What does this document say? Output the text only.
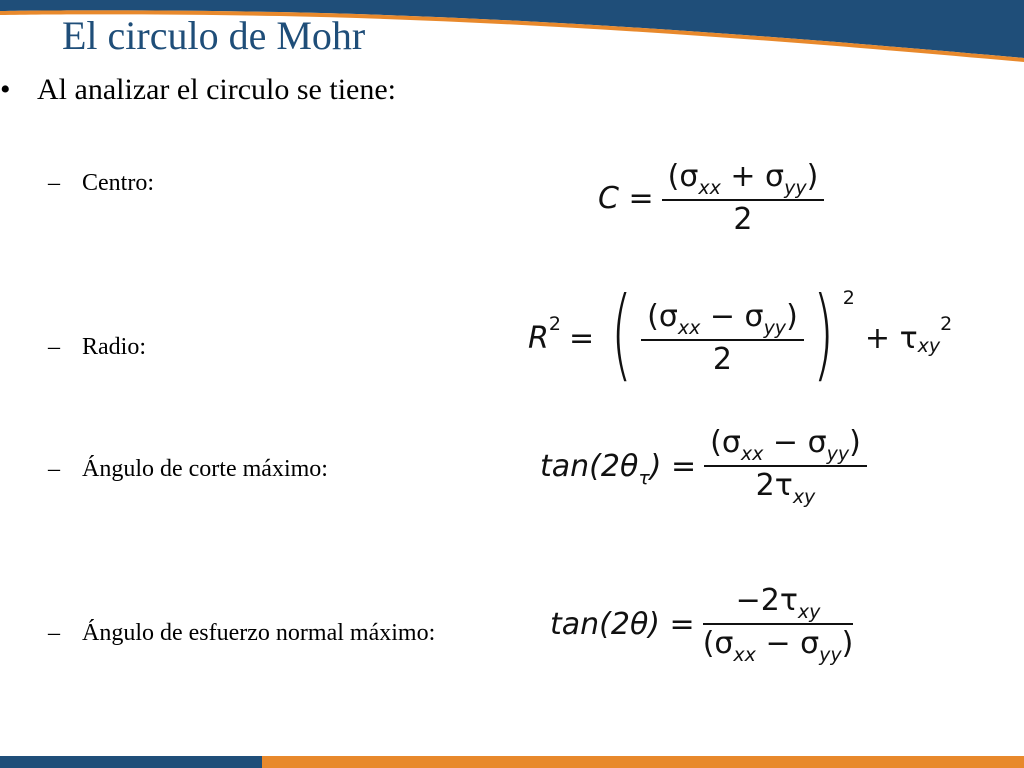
El circulo de Mohr
• Al analizar el circulo se tiene:
– Centro:
– Radio:
– Ángulo de corte máximo:
– Ángulo de esfuerzo normal máximo:
$C = \frac{(\sigma_{xx} + \sigma_{yy})}{2}$
R 2 = ( $\frac{(\sigma_{xx} - \sigma_{yy})}{2}$ ) 2
+ τ xy
2
$\tan(2\theta_\tau) = \frac{(\sigma_{xx} - \sigma_{yy})}{2\tau_{xy}}$
$\tan(2\theta) = \frac{-2\tau_{xy}}{(\sigma_{xx} - \sigma_{yy})}$
